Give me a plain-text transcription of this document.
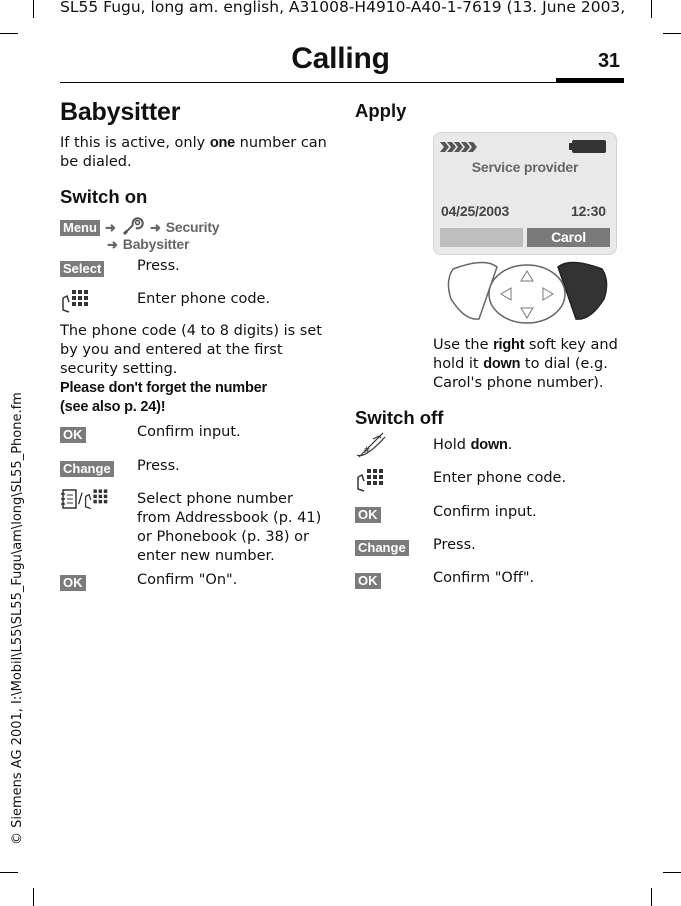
SL55 Fugu, long am. english, A31008-H4910-A40-1-7619 (13. June 2003,
Calling	31
© Siemens AG 2001, I:\Mobil\L55\SL55_Fugu\am\long\SL55_Phone.fm
Babysitter
If this is active, only one number can be dialed.
Switch on
Menu ➜	➜ Security
➜ Babysitter
Select Press.
Enter phone code.
The phone code (4 to 8 digits) is set by you and entered at the first security setting.
Please don't forget the number
(see also p. 24)!
OK	Confirm input.
Change Press.
/	Select phone number from Addressbook (p. 41) or Phonebook (p. 38) or enter new number.
OK	Confirm "On".
Apply
Service provider
04/25/2003	12:30
Carol
Use the right soft key and hold it down to dial (e.g. Carol's phone number).
Switch off
#	Hold down.
Enter phone code.
OK	Confirm input.
Change Press.
OK	Confirm "Off".
